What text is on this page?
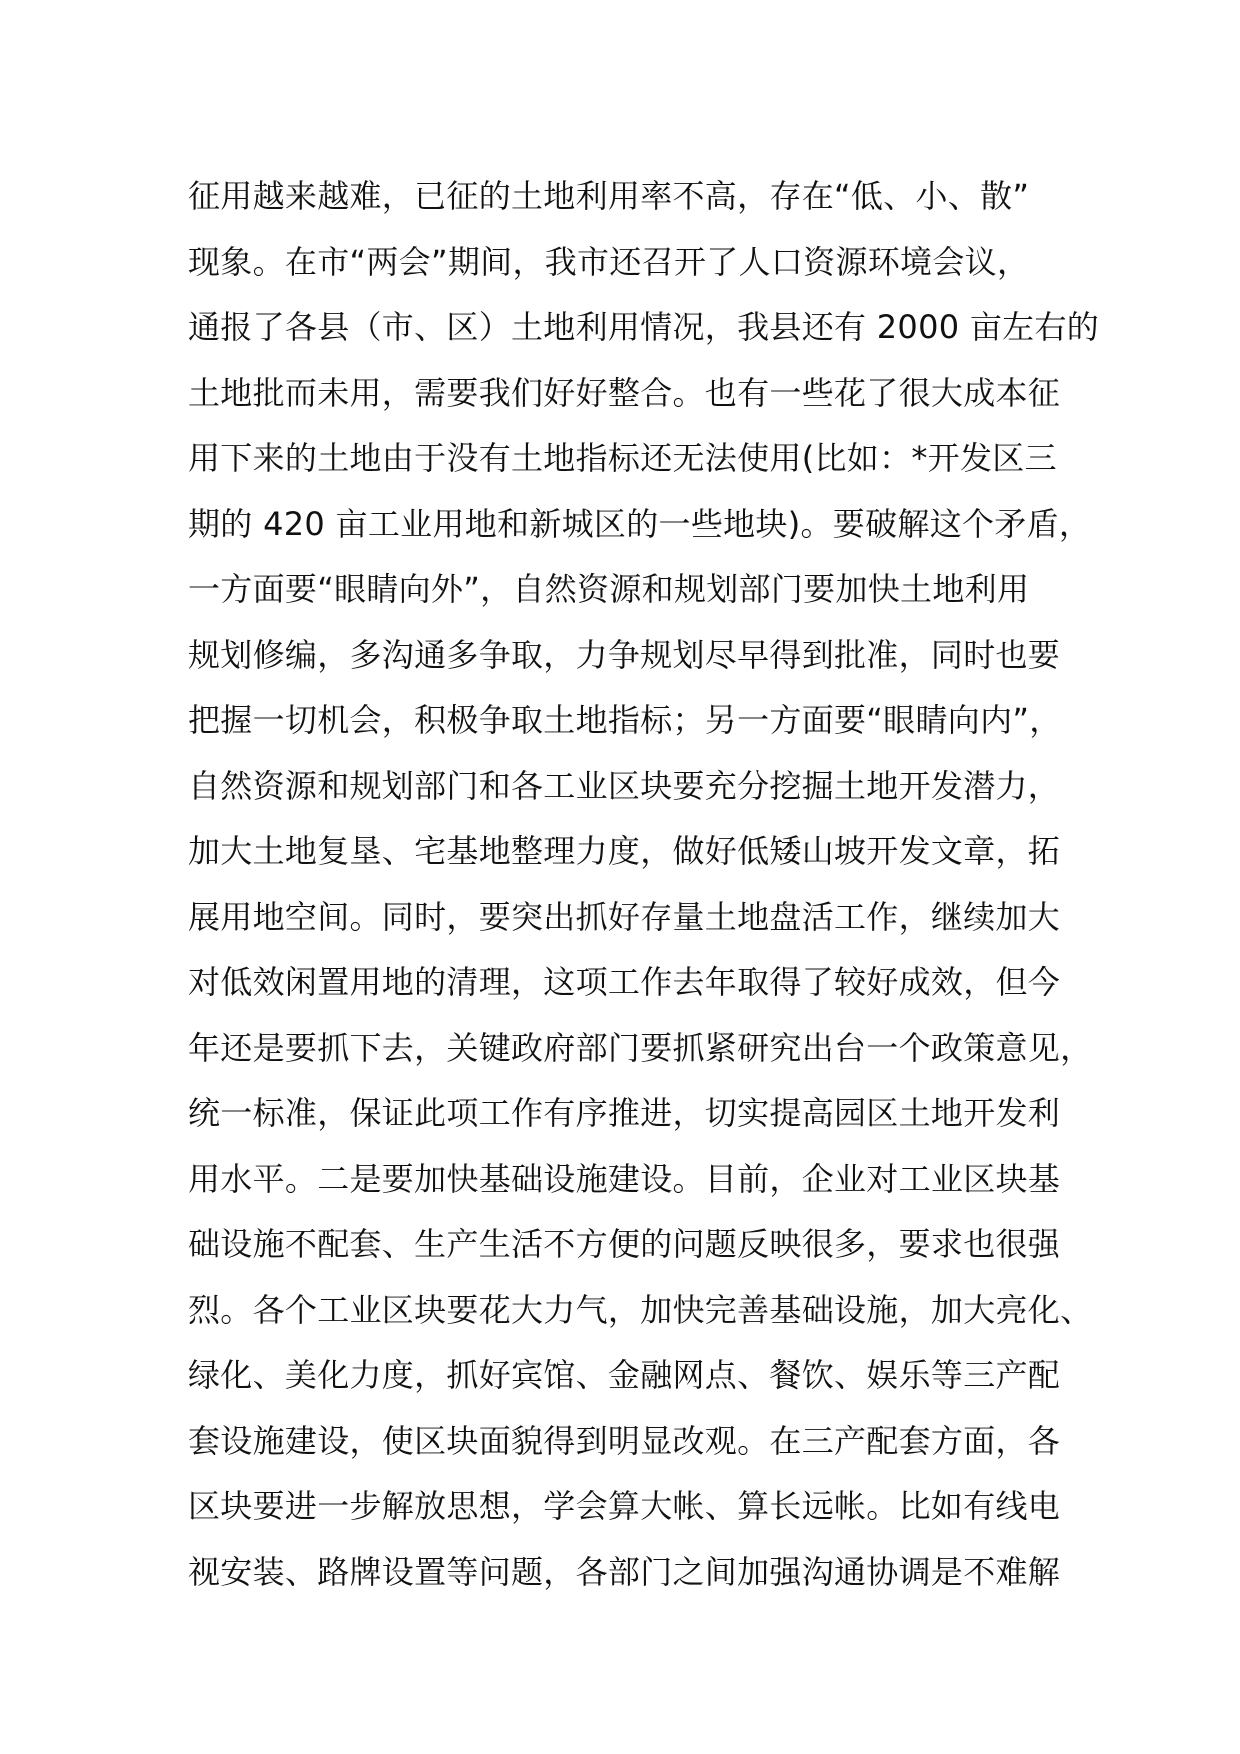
征用越来越难，已征的土地利用率不高，存在“低、小、散”
现象。在市“两会”期间，我市还召开了人口资源环境会议，
通报了各县（市、区）土地利用情况，我县还有 2000 亩左右的
土地批而未用，需要我们好好整合。也有一些花了很大成本征
用下来的土地由于没有土地指标还无法使用(比如：*开发区三
期的 420 亩工业用地和新城区的一些地块)。要破解这个矛盾，
一方面要“眼睛向外”，自然资源和规划部门要加快土地利用
规划修编，多沟通多争取，力争规划尽早得到批准，同时也要
把握一切机会，积极争取土地指标；另一方面要“眼睛向内”，
自然资源和规划部门和各工业区块要充分挖掘土地开发潜力，
加大土地复垦、宅基地整理力度，做好低矮山坡开发文章，拓
展用地空间。同时，要突出抓好存量土地盘活工作，继续加大
对低效闲置用地的清理，这项工作去年取得了较好成效，但今
年还是要抓下去，关键政府部门要抓紧研究出台一个政策意见，
统一标准，保证此项工作有序推进，切实提高园区土地开发利
用水平。二是要加快基础设施建设。目前，企业对工业区块基
础设施不配套、生产生活不方便的问题反映很多，要求也很强
烈。各个工业区块要花大力气，加快完善基础设施，加大亮化、
绿化、美化力度，抓好宾馆、金融网点、餐饮、娱乐等三产配
套设施建设，使区块面貌得到明显改观。在三产配套方面，各
区块要进一步解放思想，学会算大帐、算长远帐。比如有线电
视安装、路牌设置等问题，各部门之间加强沟通协调是不难解
